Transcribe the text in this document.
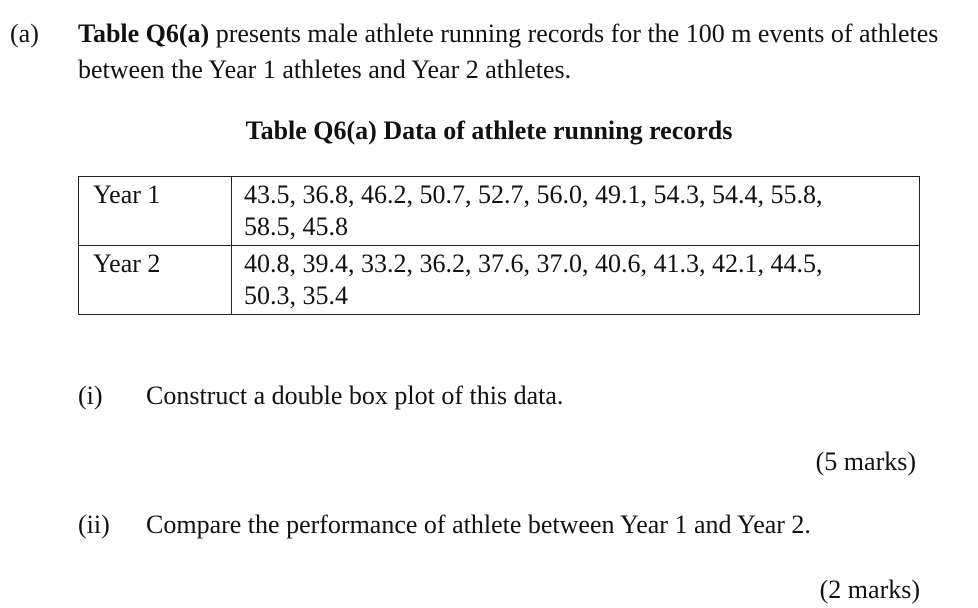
(a) Table Q6(a) presents male athlete running records for the 100 m events of athletes between the Year 1 athletes and Year 2 athletes.
Table Q6(a) Data of athlete running records
Year 1	43.5, 36.8, 46.2, 50.7, 52.7, 56.0, 49.1, 54.3, 54.4, 55.8,
58.5, 45.8

Year 2	40.8, 39.4, 33.2, 36.2, 37.6, 37.0, 40.6, 41.3, 42.1, 44.5,
50.3, 35.4
(i) Construct a double box plot of this data.
(5 marks)
(ii) Compare the performance of athlete between Year 1 and Year 2.
(2 marks)
